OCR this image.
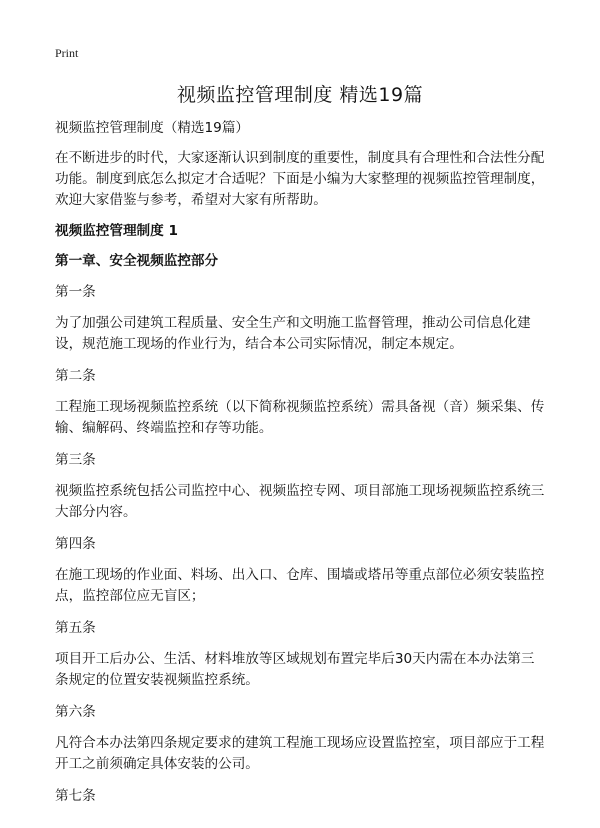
Print
视频监控管理制度 精选19篇

视频监控管理制度（精选19篇）

在不断进步的时代，大家逐渐认识到制度的重要性，制度具有合理性和合法性分配功能。制度到底怎么拟定才合适呢？下面是小编为大家整理的视频监控管理制度，欢迎大家借鉴与参考，希望对大家有所帮助。

视频监控管理制度 1

第一章、安全视频监控部分

第一条

为了加强公司建筑工程质量、安全生产和文明施工监督管理，推动公司信息化建设，规范施工现场的作业行为，结合本公司实际情况，制定本规定。

第二条

工程施工现场视频监控系统（以下简称视频监控系统）需具备视（音）频采集、传输、编解码、终端监控和存等功能。

第三条

视频监控系统包括公司监控中心、视频监控专网、项目部施工现场视频监控系统三大部分内容。

第四条

在施工现场的作业面、料场、出入口、仓库、围墙或塔吊等重点部位必须安装监控点，监控部位应无盲区；

第五条

项目开工后办公、生活、材料堆放等区域规划布置完毕后30天内需在本办法第三条规定的位置安装视频监控系统。

第六条

凡符合本办法第四条规定要求的建筑工程施工现场应设置监控室，项目部应于工程开工之前须确定具体安装的公司。

第七条
